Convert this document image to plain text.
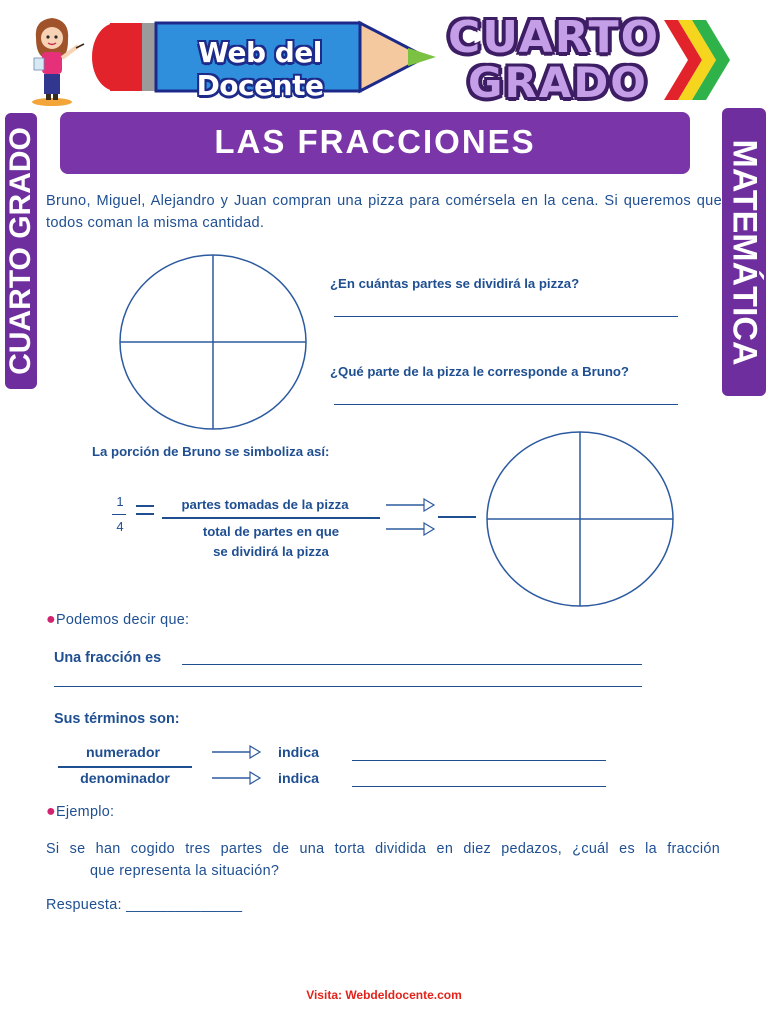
Web del Docente
CUARTO
GRADO
LAS FRACCIONES
CUARTO GRADO	MATEMÁTICA
Bruno, Miguel, Alejandro y Juan compran una pizza para comérsela en la cena. Si queremos que todos coman la misma cantidad.
¿En cuántas partes se dividirá la pizza?
¿Qué parte de la pizza le corresponde a Bruno?
La porción de Bruno se simboliza así:
1
4
partes tomadas de la pizza
total de partes en que
se dividirá la pizza
●Podemos decir que:
Una fracción es
Sus términos son:
numerador
denominador
indica
indica
●Ejemplo:
Si se han cogido tres partes de una torta dividida en diez pedazos, ¿cuál es la fracción
que representa la situación?
Respuesta: ______________
Visita: Webdeldocente.com
